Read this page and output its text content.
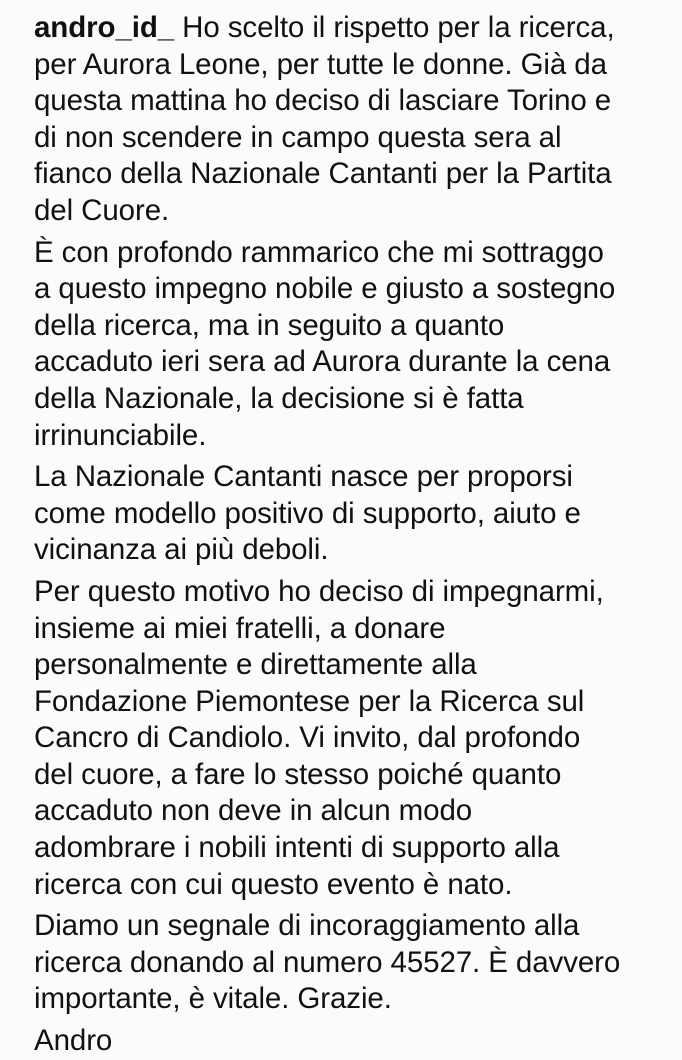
andro_id_ Ho scelto il rispetto per la ricerca,
per Aurora Leone, per tutte le donne. Già da
questa mattina ho deciso di lasciare Torino e
di non scendere in campo questa sera al
fianco della Nazionale Cantanti per la Partita
del Cuore.
È con profondo rammarico che mi sottraggo
a questo impegno nobile e giusto a sostegno
della ricerca, ma in seguito a quanto
accaduto ieri sera ad Aurora durante la cena
della Nazionale, la decisione si è fatta
irrinunciabile.
La Nazionale Cantanti nasce per proporsi
come modello positivo di supporto, aiuto e
vicinanza ai più deboli.
Per questo motivo ho deciso di impegnarmi,
insieme ai miei fratelli, a donare
personalmente e direttamente alla
Fondazione Piemontese per la Ricerca sul
Cancro di Candiolo. Vi invito, dal profondo
del cuore, a fare lo stesso poiché quanto
accaduto non deve in alcun modo
adombrare i nobili intenti di supporto alla
ricerca con cui questo evento è nato.
Diamo un segnale di incoraggiamento alla
ricerca donando al numero 45527. È davvero
importante, è vitale. Grazie.
Andro
